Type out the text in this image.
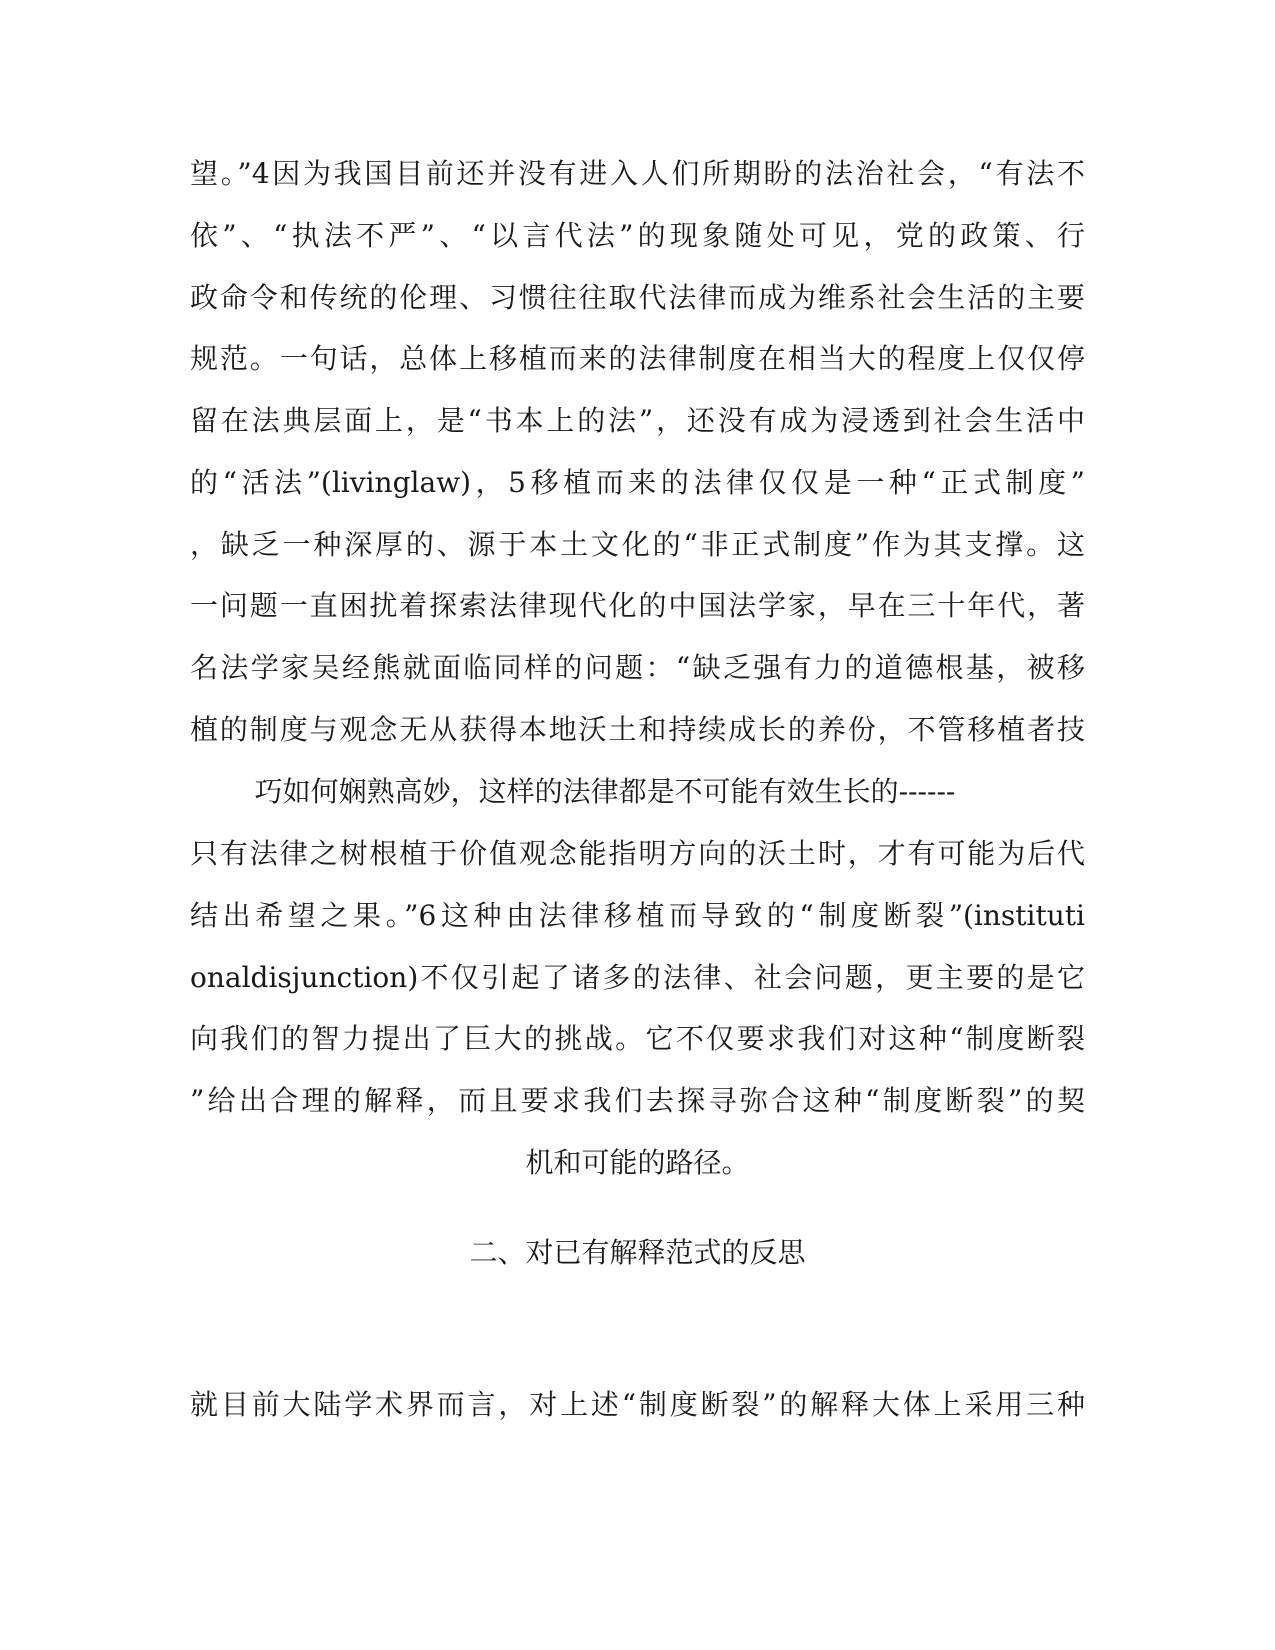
望。”4因为我国目前还并没有进入人们所期盼的法治社会，“有法不
依”、“执法不严”、“以言代法”的现象随处可见，党的政策、行
政命令和传统的伦理、习惯往往取代法律而成为维系社会生活的主要
规范。一句话，总体上移植而来的法律制度在相当大的程度上仅仅停
留在法典层面上，是“书本上的法”，还没有成为浸透到社会生活中
的“活法”(livinglaw)，5移植而来的法律仅仅是一种“正式制度”
，缺乏一种深厚的、源于本土文化的“非正式制度”作为其支撑。这
一问题一直困扰着探索法律现代化的中国法学家，早在三十年代，著
名法学家吴经熊就面临同样的问题：“缺乏强有力的道德根基，被移
植的制度与观念无从获得本地沃土和持续成长的养份，不管移植者技
巧如何娴熟高妙，这样的法律都是不可能有效生长的------
只有法律之树根植于价值观念能指明方向的沃土时，才有可能为后代
结出希望之果。”6这种由法律移植而导致的“制度断裂”(instituti
onaldisjunction)不仅引起了诸多的法律、社会问题，更主要的是它
向我们的智力提出了巨大的挑战。它不仅要求我们对这种“制度断裂
”给出合理的解释，而且要求我们去探寻弥合这种“制度断裂”的契
机和可能的路径。
二、对已有解释范式的反思
就目前大陆学术界而言，对上述“制度断裂”的解释大体上采用三种
